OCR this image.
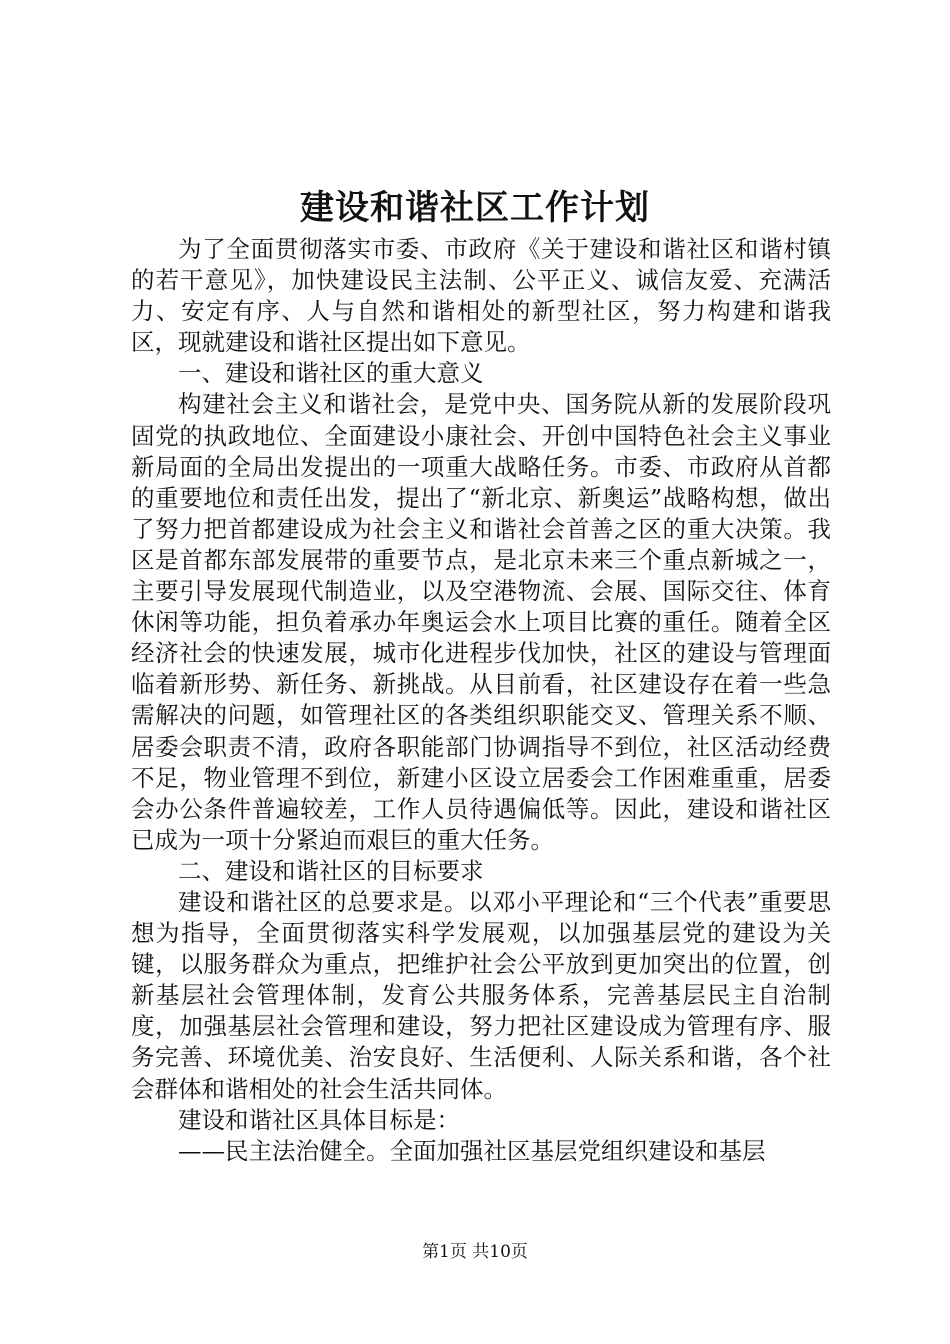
建设和谐社区工作计划

为了全面贯彻落实市委、市政府《关于建设和谐社区和谐村镇的若干意见》，加快建设民主法制、公平正义、诚信友爱、充满活力、安定有序、人与自然和谐相处的新型社区，努力构建和谐我区，现就建设和谐社区提出如下意见。

一、建设和谐社区的重大意义

构建社会主义和谐社会，是党中央、国务院从新的发展阶段巩固党的执政地位、全面建设小康社会、开创中国特色社会主义事业新局面的全局出发提出的一项重大战略任务。市委、市政府从首都的重要地位和责任出发，提出了“新北京、新奥运”战略构想，做出了努力把首都建设成为社会主义和谐社会首善之区的重大决策。我区是首都东部发展带的重要节点，是北京未来三个重点新城之一，主要引导发展现代制造业，以及空港物流、会展、国际交往、体育休闲等功能，担负着承办年奥运会水上项目比赛的重任。随着全区经济社会的快速发展，城市化进程步伐加快，社区的建设与管理面临着新形势、新任务、新挑战。从目前看，社区建设存在着一些急需解决的问题，如管理社区的各类组织职能交叉、管理关系不顺、居委会职责不清，政府各职能部门协调指导不到位，社区活动经费不足，物业管理不到位，新建小区设立居委会工作困难重重，居委会办公条件普遍较差，工作人员待遇偏低等。因此，建设和谐社区已成为一项十分紧迫而艰巨的重大任务。

二、建设和谐社区的目标要求

建设和谐社区的总要求是。以邓小平理论和“三个代表”重要思想为指导，全面贯彻落实科学发展观，以加强基层党的建设为关键，以服务群众为重点，把维护社会公平放到更加突出的位置，创新基层社会管理体制，发育公共服务体系，完善基层民主自治制度，加强基层社会管理和建设，努力把社区建设成为管理有序、服务完善、环境优美、治安良好、生活便利、人际关系和谐，各个社会群体和谐相处的社会生活共同体。

建设和谐社区具体目标是：

——民主法治健全。全面加强社区基层党组织建设和基层

第1页 共10页
